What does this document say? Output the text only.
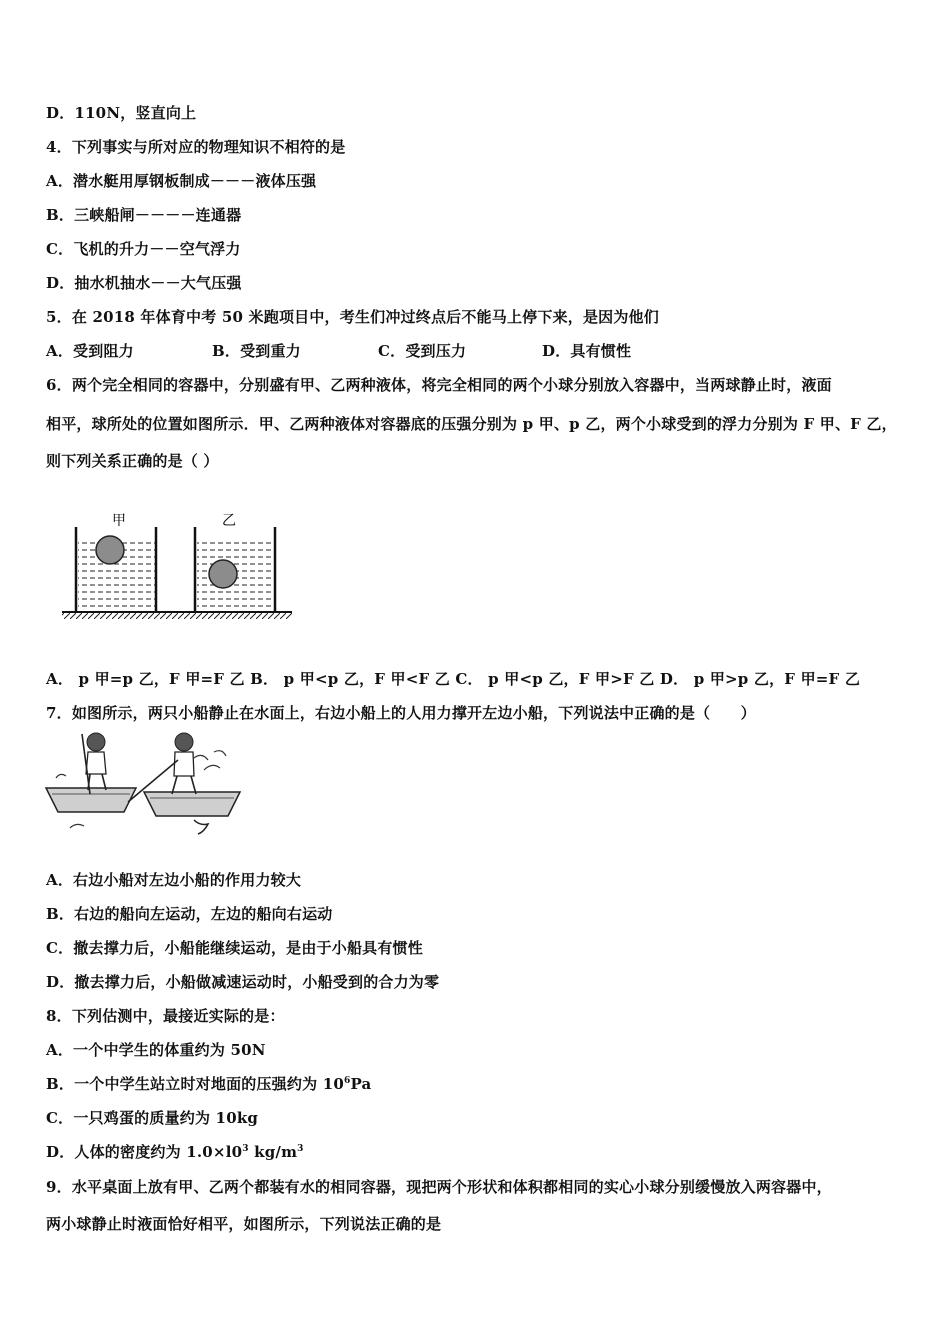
D．110N，竖直向上
4．下列事实与所对应的物理知识不相符的是
A．潜水艇用厚钢板制成－－－液体压强
B．三峡船闸－－－－连通器
C．飞机的升力－－空气浮力
D．抽水机抽水－－大气压强
5．在 2018 年体育中考 50 米跑项目中，考生们冲过终点后不能马上停下来，是因为他们
A．受到阻力	B．受到重力	C．受到压力	D．具有惯性
6．两个完全相同的容器中，分别盛有甲、乙两种液体，将完全相同的两个小球分别放入容器中，当两球静止时，液面
相平，球所处的位置如图所示．甲、乙两种液体对容器底的压强分别为 p 甲、p 乙，两个小球受到的浮力分别为 F 甲、F 乙，
则下列关系正确的是（ ）
甲	乙
A． p 甲=p 乙，F 甲=F 乙 B． p 甲<p 乙，F 甲<F 乙 C． p 甲<p 乙，F 甲>F 乙 D． p 甲>p 乙，F 甲=F 乙
7．如图所示，两只小船静止在水面上，右边小船上的人用力撑开左边小船，下列说法中正确的是（　　）
A．右边小船对左边小船的作用力较大
B．右边的船向左运动，左边的船向右运动
C．撤去撑力后，小船能继续运动，是由于小船具有惯性
D．撤去撑力后，小船做减速运动时，小船受到的合力为零
8．下列估测中，最接近实际的是：
A．一个中学生的体重约为 50N
B．一个中学生站立时对地面的压强约为 $10^6Pa$
C．一只鸡蛋的质量约为 10kg
D．人体的密度约为 $1.0\times l0^3$ $kg/m^3$
9．水平桌面上放有甲、乙两个都装有水的相同容器，现把两个形状和体积都相同的实心小球分别缓慢放入两容器中，
两小球静止时液面恰好相平，如图所示，下列说法正确的是
